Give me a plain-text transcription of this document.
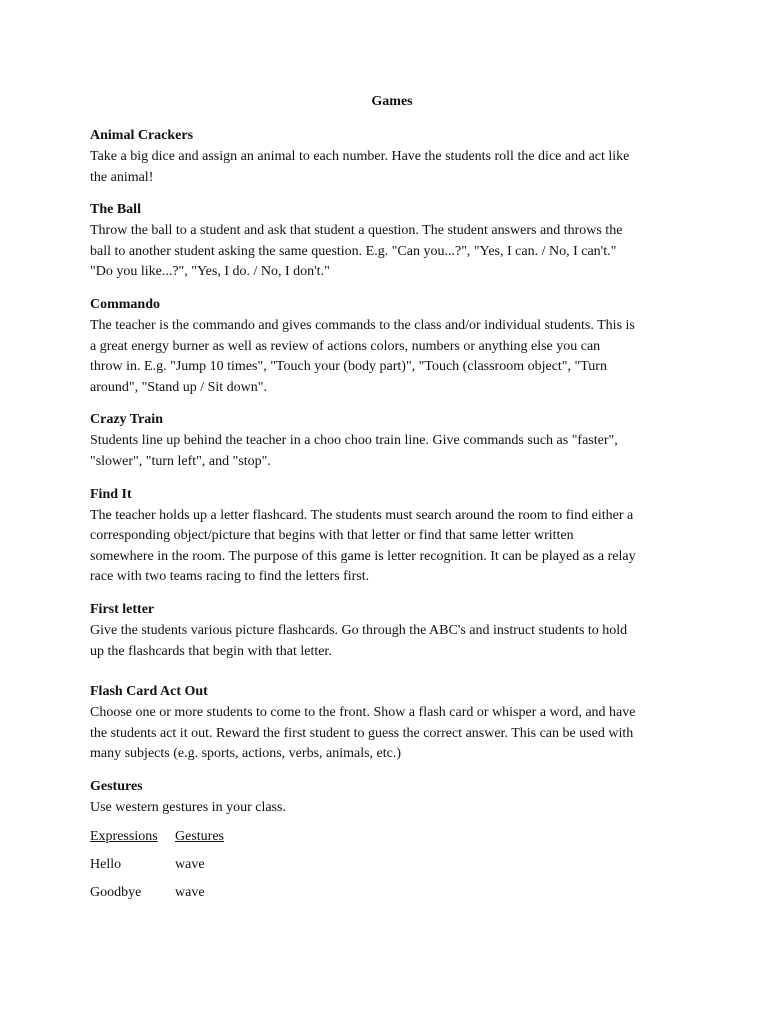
Games
Animal Crackers

Take a big dice and assign an animal to each number. Have the students roll the dice and act like
the animal!

The Ball

Throw the ball to a student and ask that student a question. The student answers and throws the
ball to another student asking the same question. E.g. "Can you...?", "Yes, I can. / No, I can't."
"Do you like...?", "Yes, I do. / No, I don't."

Commando

The teacher is the commando and gives commands to the class and/or individual students. This is
a great energy burner as well as review of actions colors, numbers or anything else you can
throw in. E.g. "Jump 10 times", "Touch your (body part)", "Touch (classroom object", "Turn
around", "Stand up / Sit down".

Crazy Train

Students line up behind the teacher in a choo choo train line. Give commands such as "faster",
"slower", "turn left", and "stop".

Find It

The teacher holds up a letter flashcard. The students must search around the room to find either a
corresponding object/picture that begins with that letter or find that same letter written
somewhere in the room. The purpose of this game is letter recognition. It can be played as a relay
race with two teams racing to find the letters first.

First letter

Give the students various picture flashcards. Go through the ABC's and instruct students to hold
up the flashcards that begin with that letter.

Flash Card Act Out

Choose one or more students to come to the front. Show a flash card or whisper a word, and have
the students act it out. Reward the first student to guess the correct answer. This can be used with
many subjects (e.g. sports, actions, verbs, animals, etc.)

Gestures

Use western gestures in your class.

Expressions	Gestures
Hello	wave
Goodbye	wave
